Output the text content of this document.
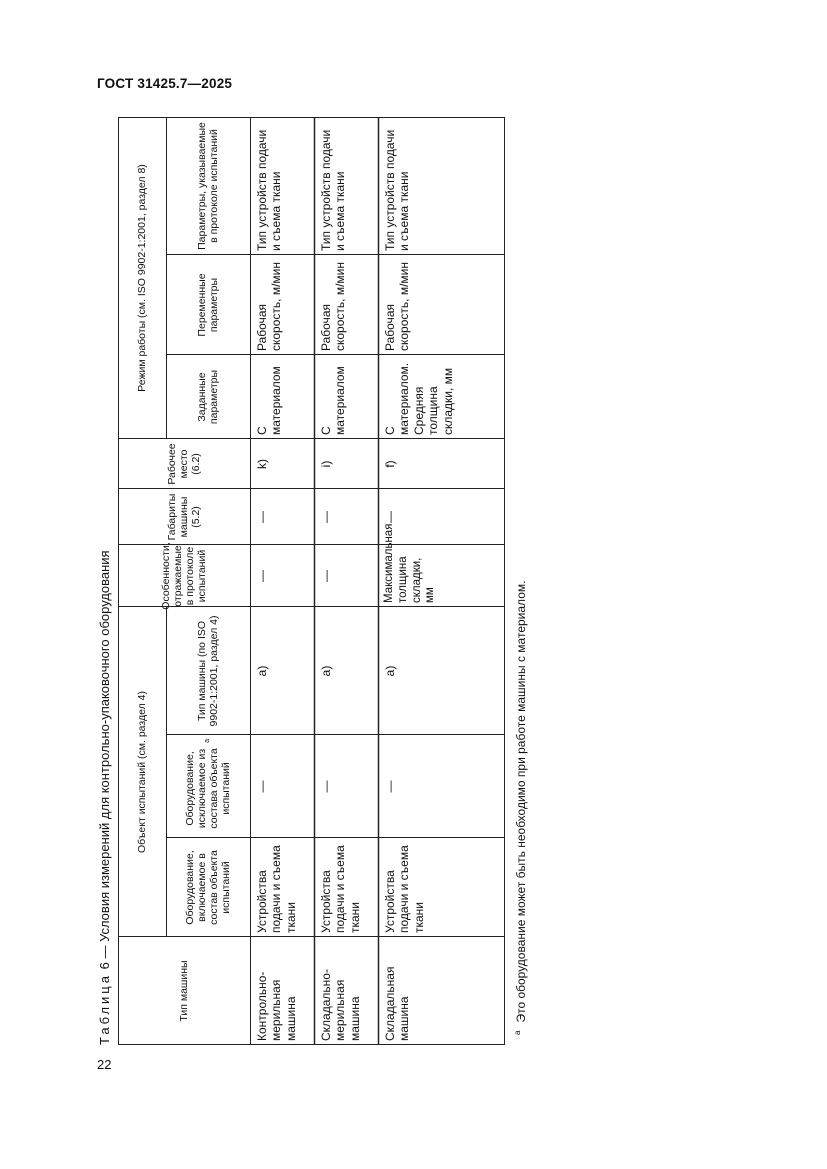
ГОСТ 31425.7—2025
22
Таблица 6 — Условия измерений для контрольно-упаковочного оборудования	Объект испытаний (см. раздел 4)
Режим работы (см. ISO 9902-1:2001, раздел 8)
Тип машины
Оборудование, включаемое в состав объекта испытаний
Оборудование, исключаемое из состава объекта испытаний
a
Тип машины (по ISO 9902-1:2001, раздел 4)
Особенности, отражаемые в протоколе испытаний
Габариты машины (5.2)
Рабочее место (6.2)
Заданные параметры
Переменные параметры
Параметры, указываемые в протоколе испытаний
Контрольно-мерильная машина
Устройства подачи и съема ткани
—
a)
—
—
k)
С материалом
Рабочая скорость, м/мин
Тип устройств подачи и съема ткани
Складально-мерильная машина
Устройства подачи и съема ткани
—
a)
—
—
i)
С материалом
Рабочая скорость, м/мин
Тип устройств подачи и съема ткани
Складальная машина
Устройства подачи и съема ткани
—
a)
Максимальная толщина складки, мм
—
f)
С материалом. Средняя толщина складки, мм
Рабочая скорость, м/мин
Тип устройств подачи и съема ткани
$^a$Это оборудование может быть необходимо при работе машины с материалом.
